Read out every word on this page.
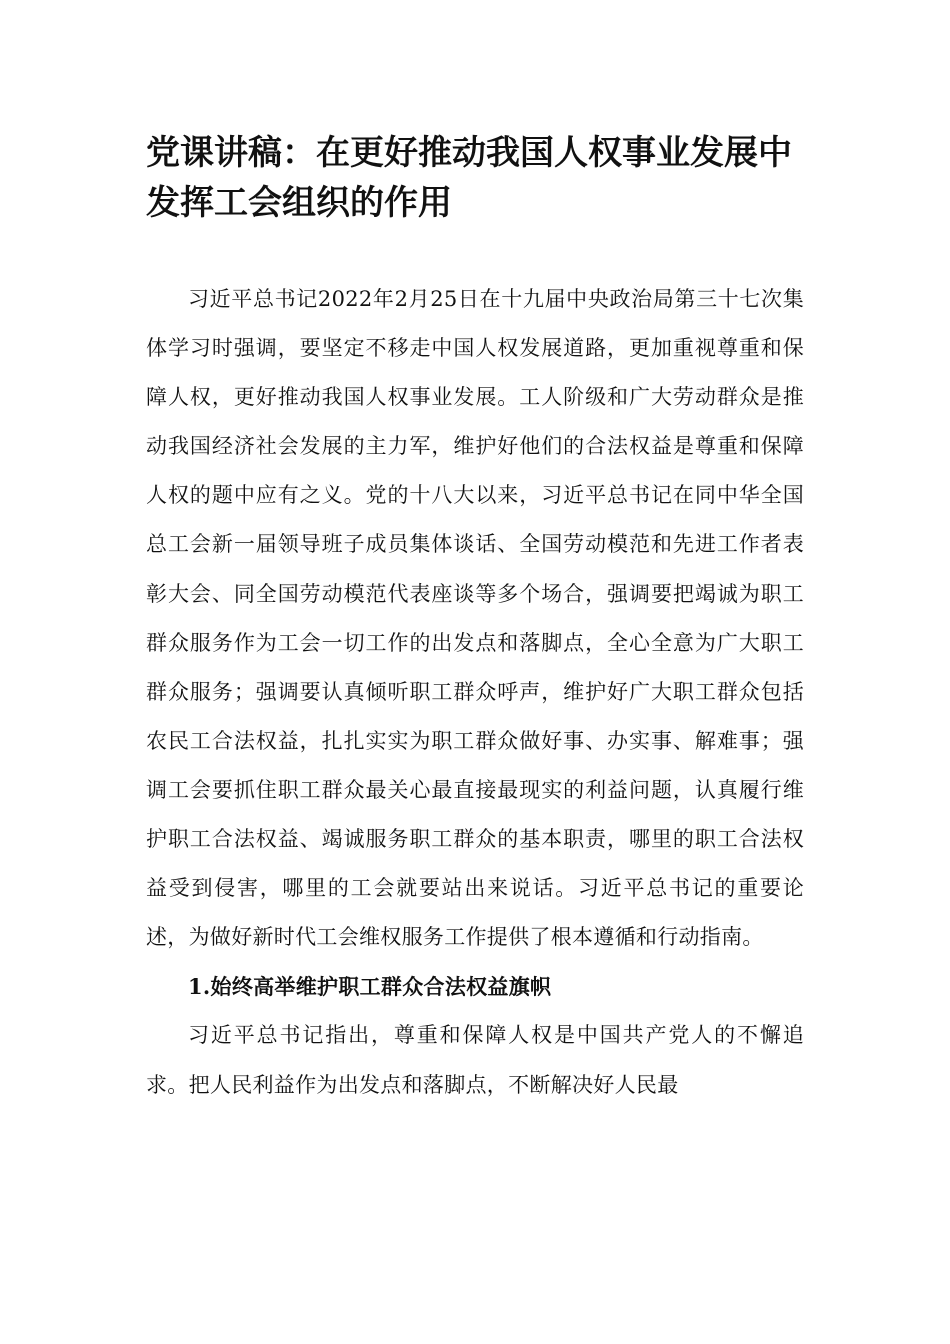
党课讲稿：在更好推动我国人权事业发展中发挥工会组织的作用

习近平总书记2022年2月25日在十九届中央政治局第三十七次集体学习时强调，要坚定不移走中国人权发展道路，更加重视尊重和保障人权，更好推动我国人权事业发展。工人阶级和广大劳动群众是推动我国经济社会发展的主力军，维护好他们的合法权益是尊重和保障人权的题中应有之义。党的十八大以来，习近平总书记在同中华全国总工会新一届领导班子成员集体谈话、全国劳动模范和先进工作者表彰大会、同全国劳动模范代表座谈等多个场合，强调要把竭诚为职工群众服务作为工会一切工作的出发点和落脚点，全心全意为广大职工群众服务；强调要认真倾听职工群众呼声，维护好广大职工群众包括农民工合法权益，扎扎实实为职工群众做好事、办实事、解难事；强调工会要抓住职工群众最关心最直接最现实的利益问题，认真履行维护职工合法权益、竭诚服务职工群众的基本职责，哪里的职工合法权益受到侵害，哪里的工会就要站出来说话。习近平总书记的重要论述，为做好新时代工会维权服务工作提供了根本遵循和行动指南。

1.始终高举维护职工群众合法权益旗帜

习近平总书记指出，尊重和保障人权是中国共产党人的不懈追求。把人民利益作为出发点和落脚点，不断解决好人民最
